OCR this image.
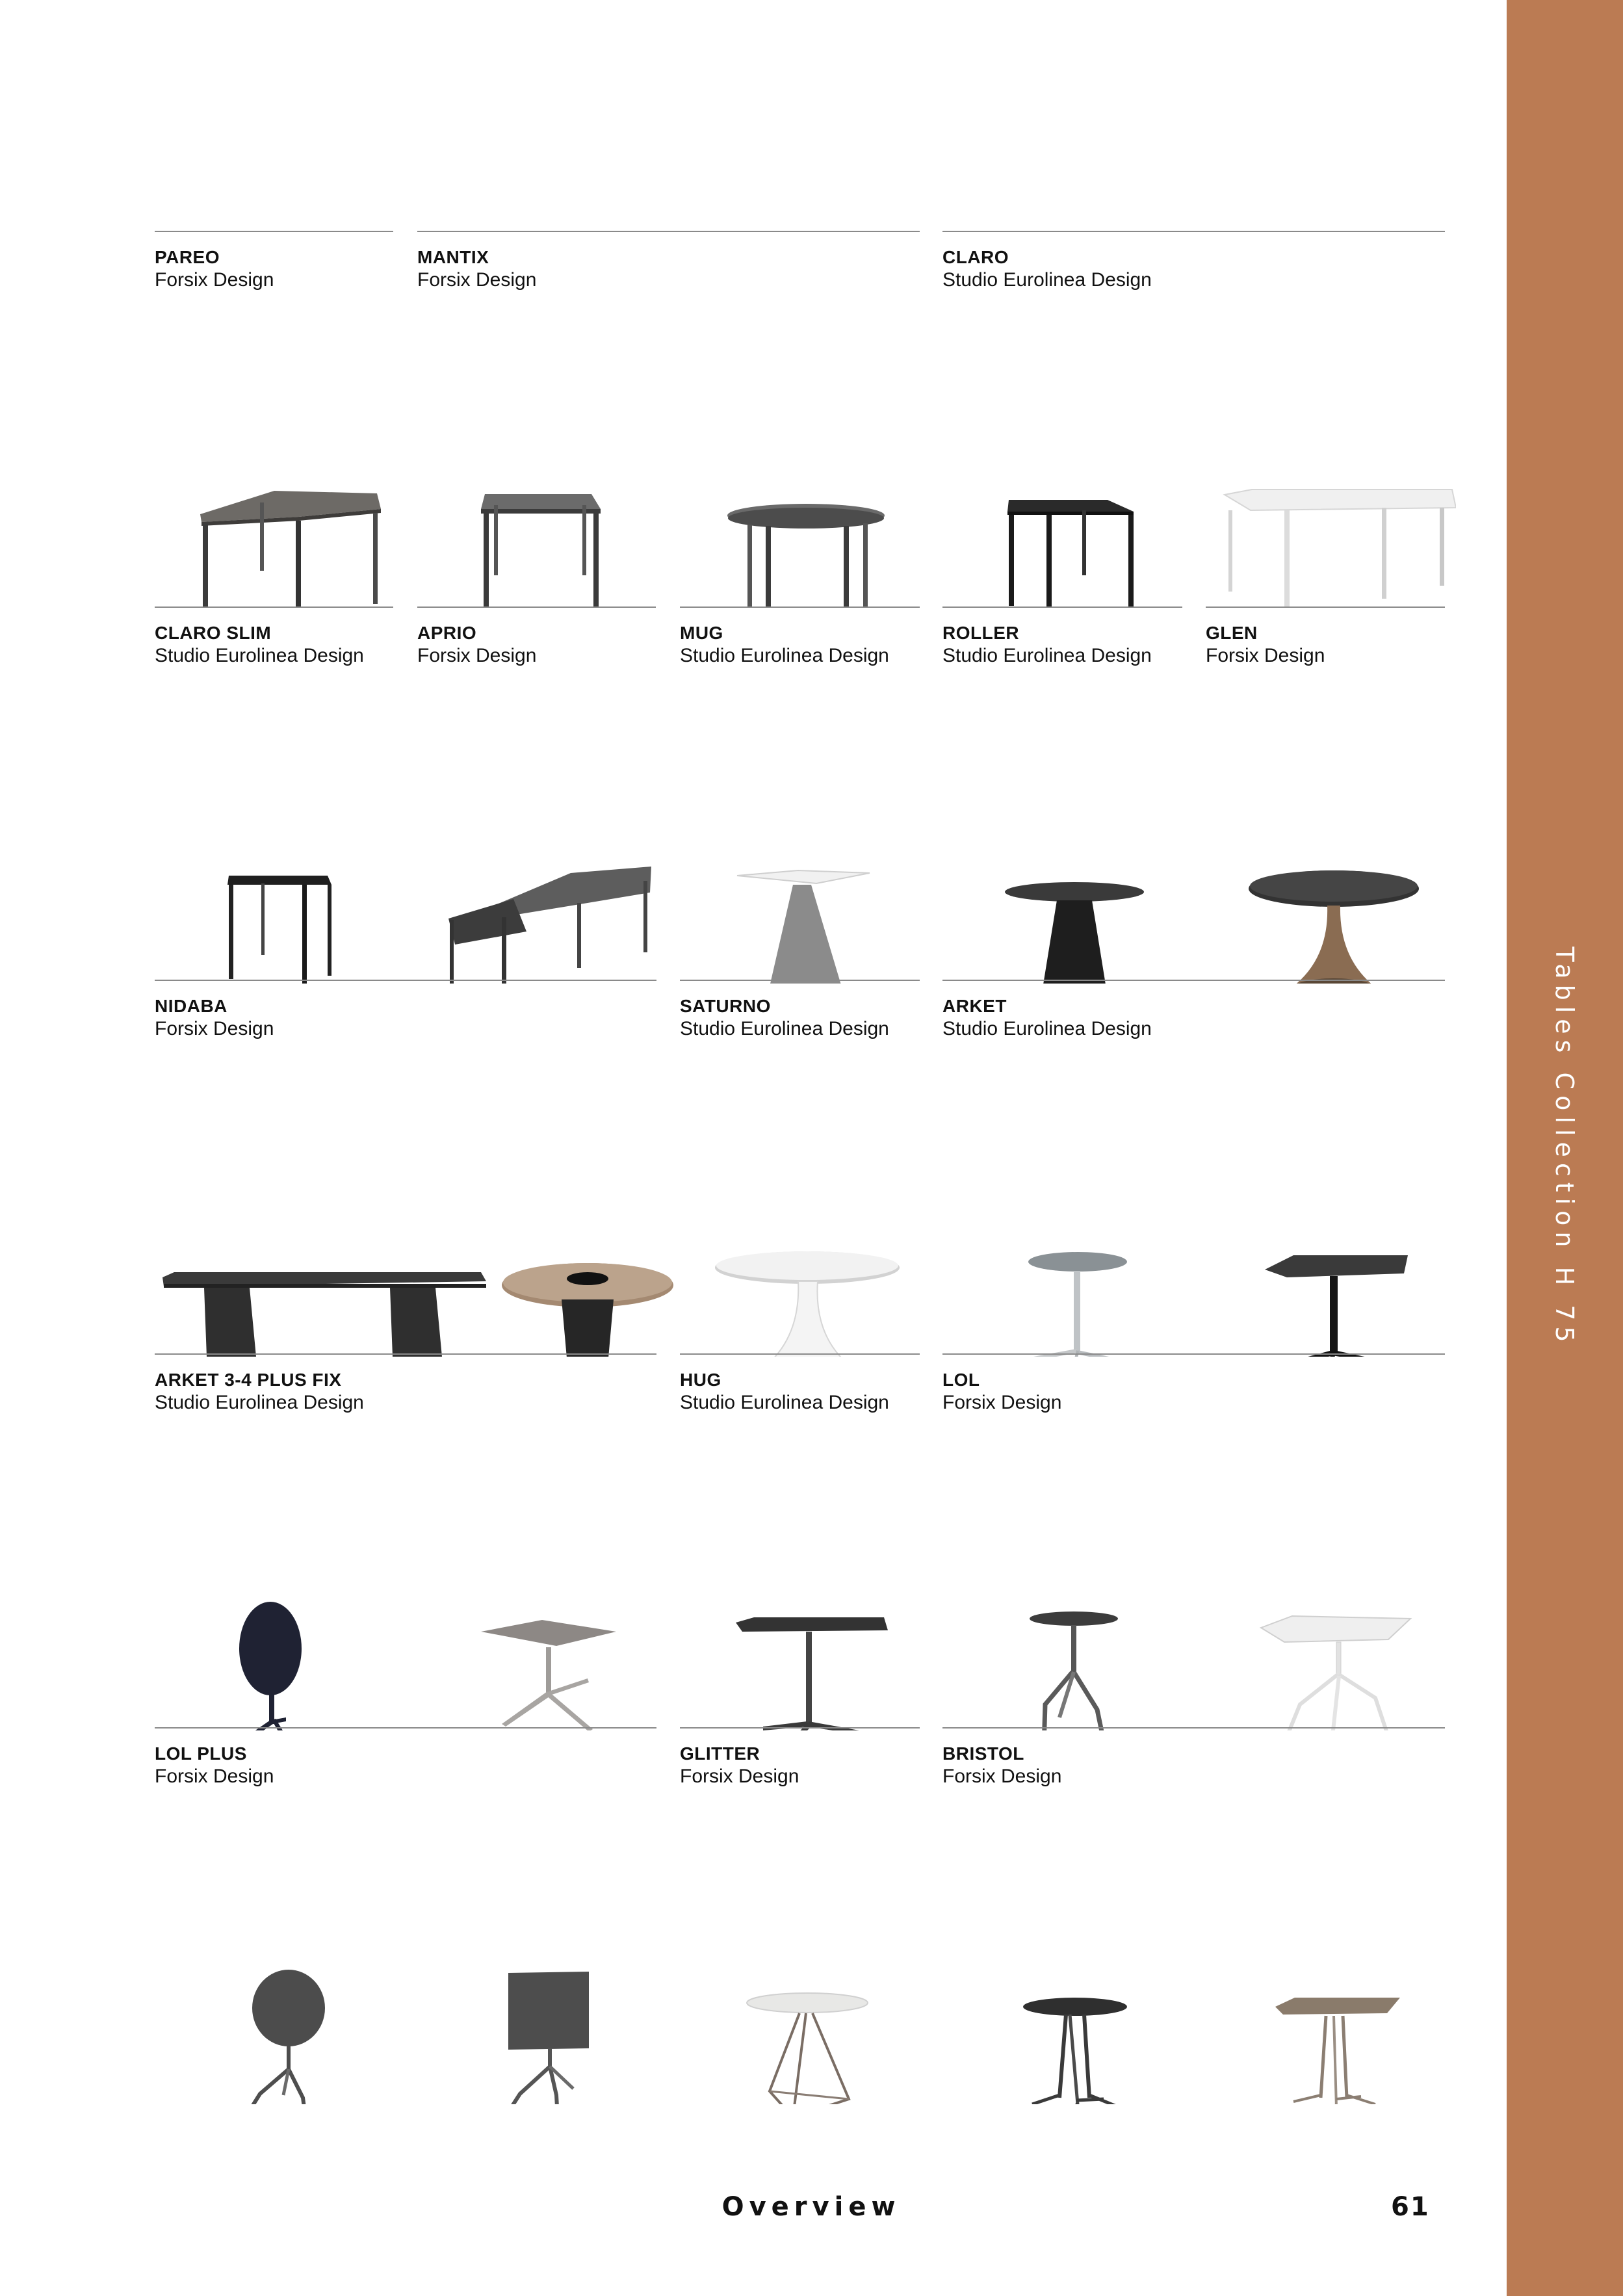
Tables Collection H 75
PAREO
Forsix Design
MANTIX
Forsix Design
CLARO
Studio Eurolinea Design
CLARO SLIM
Studio Eurolinea Design
APRIO
Forsix Design
MUG
Studio Eurolinea Design
ROLLER
Studio Eurolinea Design
GLEN
Forsix Design
NIDABA
Forsix Design
SATURNO
Studio Eurolinea Design
ARKET
Studio Eurolinea Design
ARKET 3-4 PLUS FIX
Studio Eurolinea Design
HUG
Studio Eurolinea Design
LOL
Forsix Design
LOL PLUS
Forsix Design
GLITTER
Forsix Design
BRISTOL
Forsix Design
Overview	61
